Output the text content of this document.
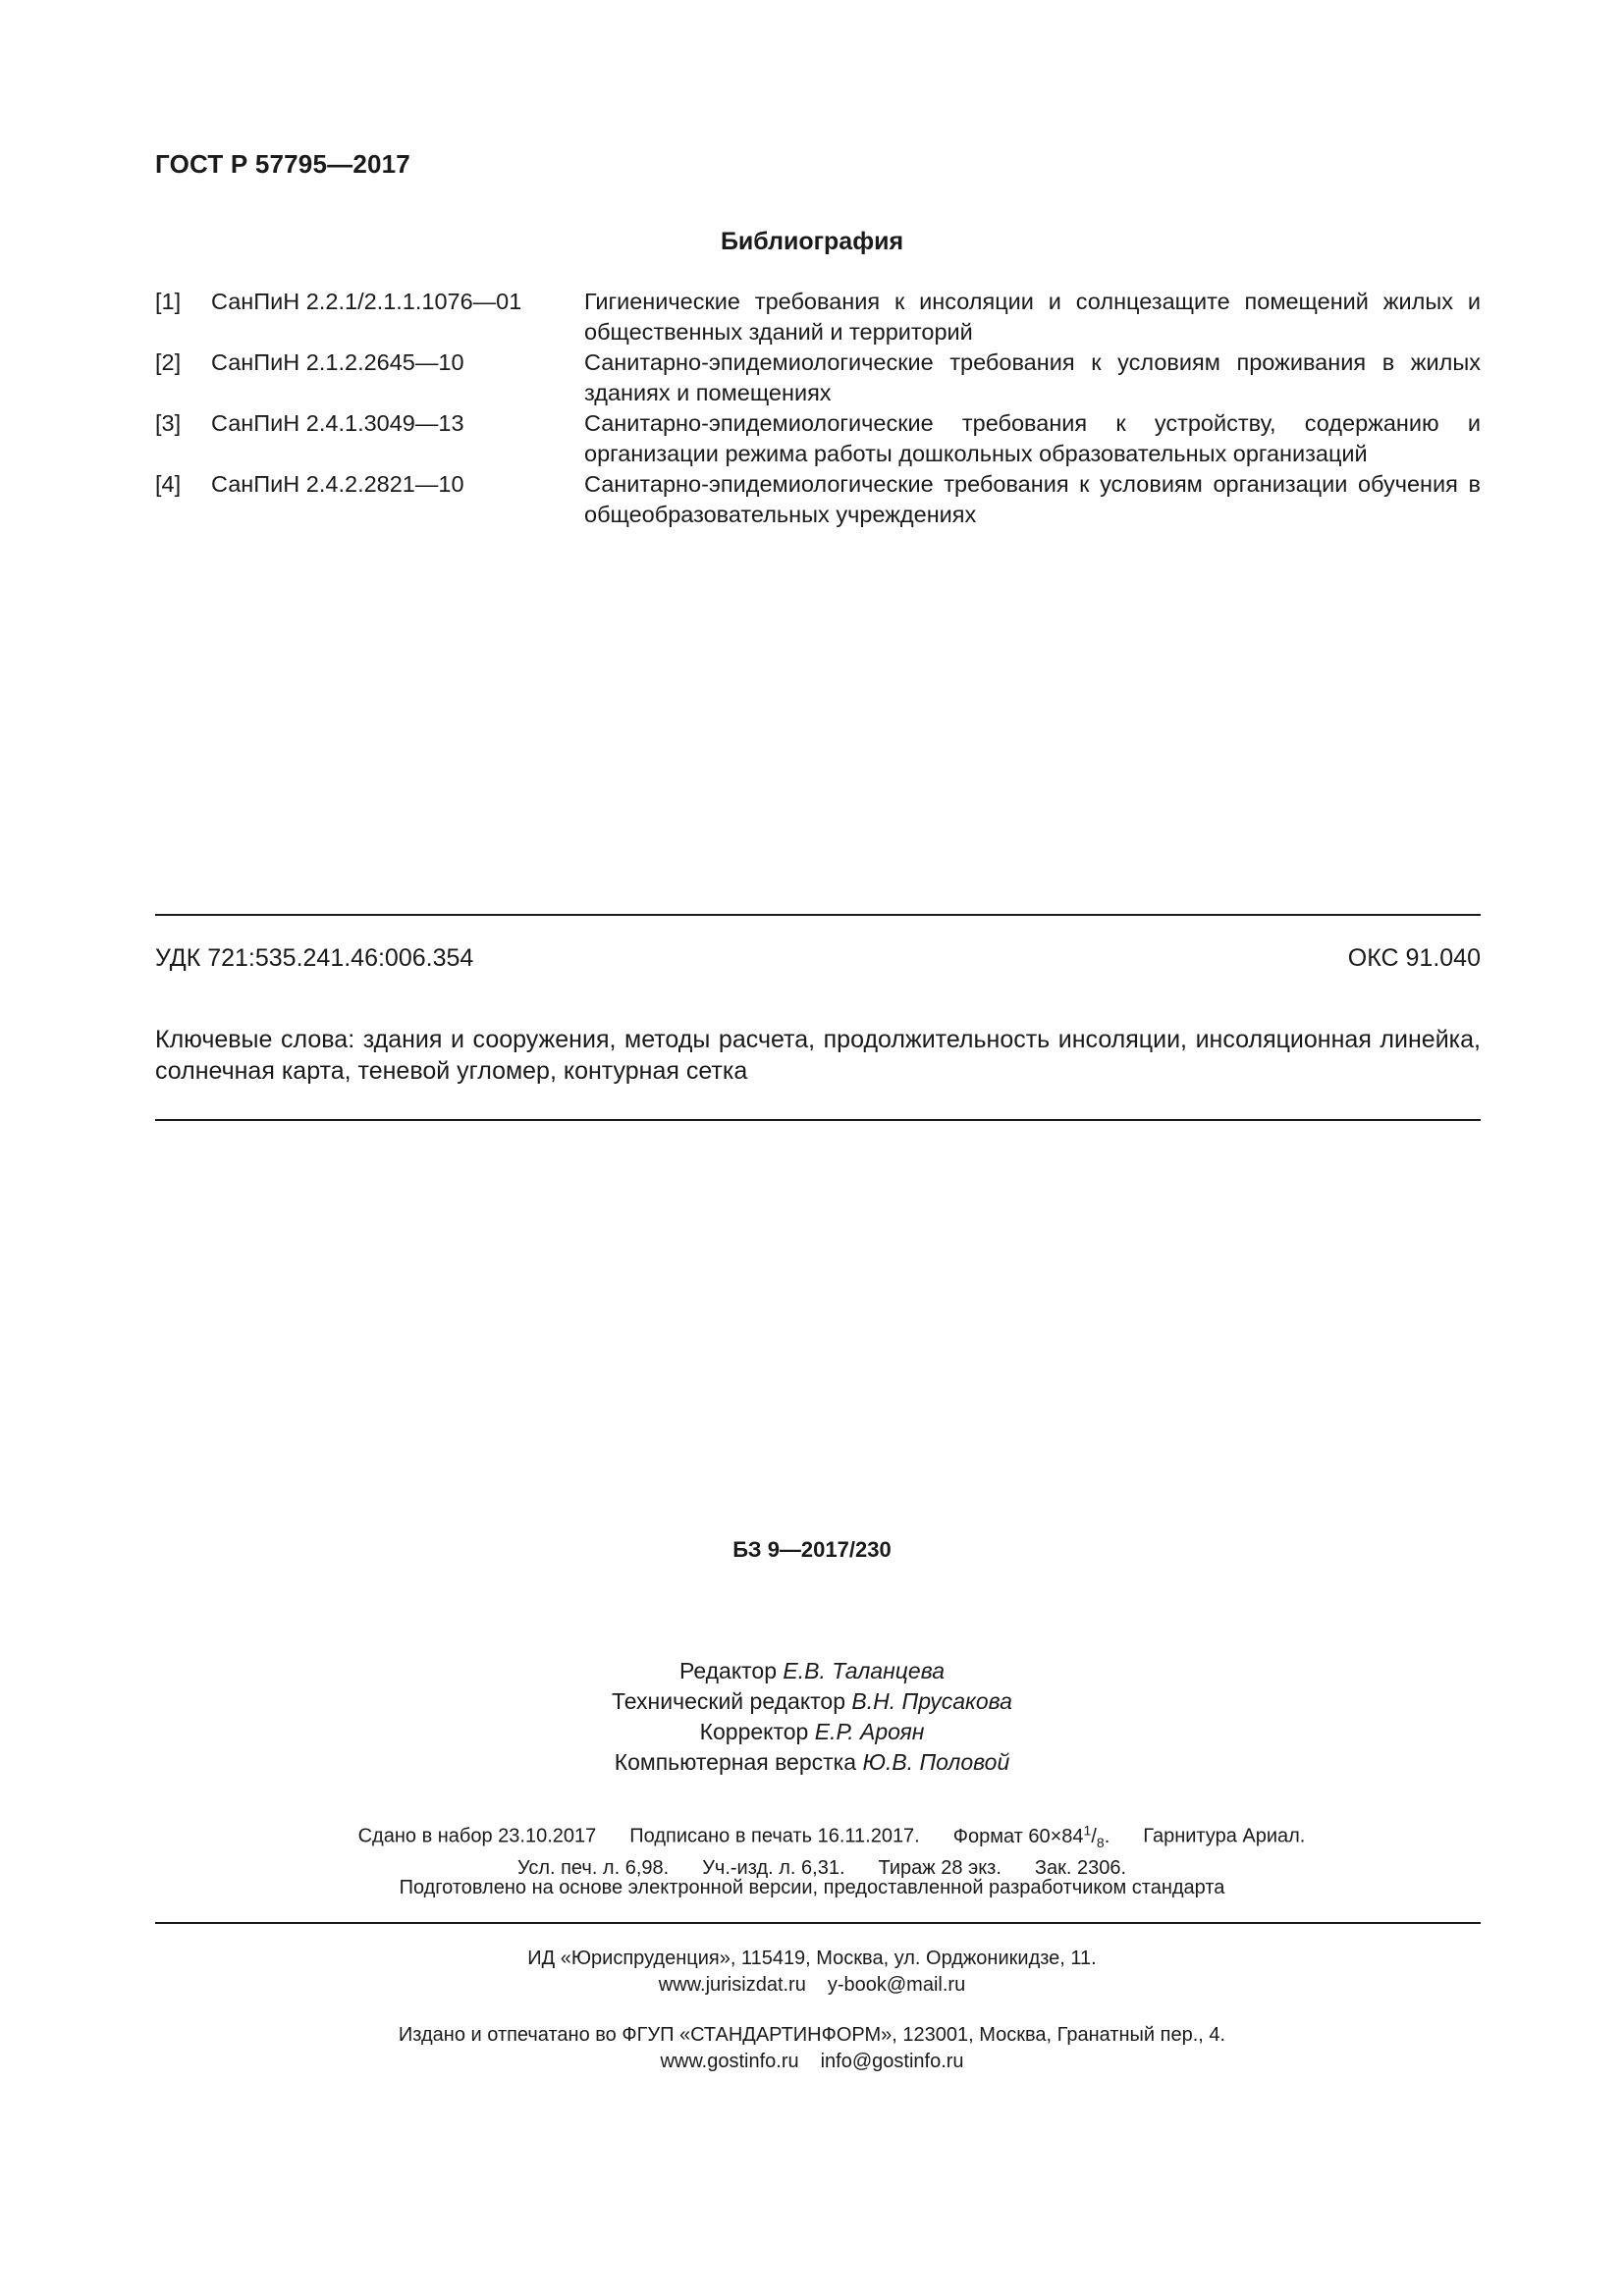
ГОСТ Р 57795—2017
Библиография
[1]	СанПиН 2.2.1/2.1.1.1076—01	Гигиенические требования к инсоляции и солнцезащите помещений жилых и общественных зданий и территорий
[2]	СанПиН 2.1.2.2645—10	Санитарно-эпидемиологические требования к условиям проживания в жилых зданиях и помещениях
[3]	СанПиН 2.4.1.3049—13	Санитарно-эпидемиологические требования к устройству, содержанию и организации режима работы дошкольных образовательных организаций
[4]	СанПиН 2.4.2.2821—10	Санитарно-эпидемиологические требования к условиям организации обучения в общеобразовательных учреждениях
УДК 721:535.241.46:006.354	ОКС 91.040
Ключевые слова: здания и сооружения, методы расчета, продолжительность инсоляции, инсоляционная линейка, солнечная карта, теневой угломер, контурная сетка
БЗ 9—2017/230
Редактор Е.В. Таланцева
Технический редактор В.Н. Прусакова
Корректор Е.Р. Ароян
Компьютерная верстка Ю.В. Половой
Сдано в набор 23.10.2017 Подписано в печать 16.11.2017. Формат $60\times 84^1/_8$. Гарнитура Ариал.
Усл. печ. л. 6,98. Уч.-изд. л. 6,31. Тираж 28 экз. Зак. 2306.
Подготовлено на основе электронной версии, предоставленной разработчиком стандарта
ИД «Юриспруденция», 115419, Москва, ул. Орджоникидзе, 11.
www.jurisizdat.ru y-book@mail.ru
Издано и отпечатано во ФГУП «СТАНДАРТИНФОРМ», 123001, Москва, Гранатный пер., 4.
www.gostinfo.ru info@gostinfo.ru
